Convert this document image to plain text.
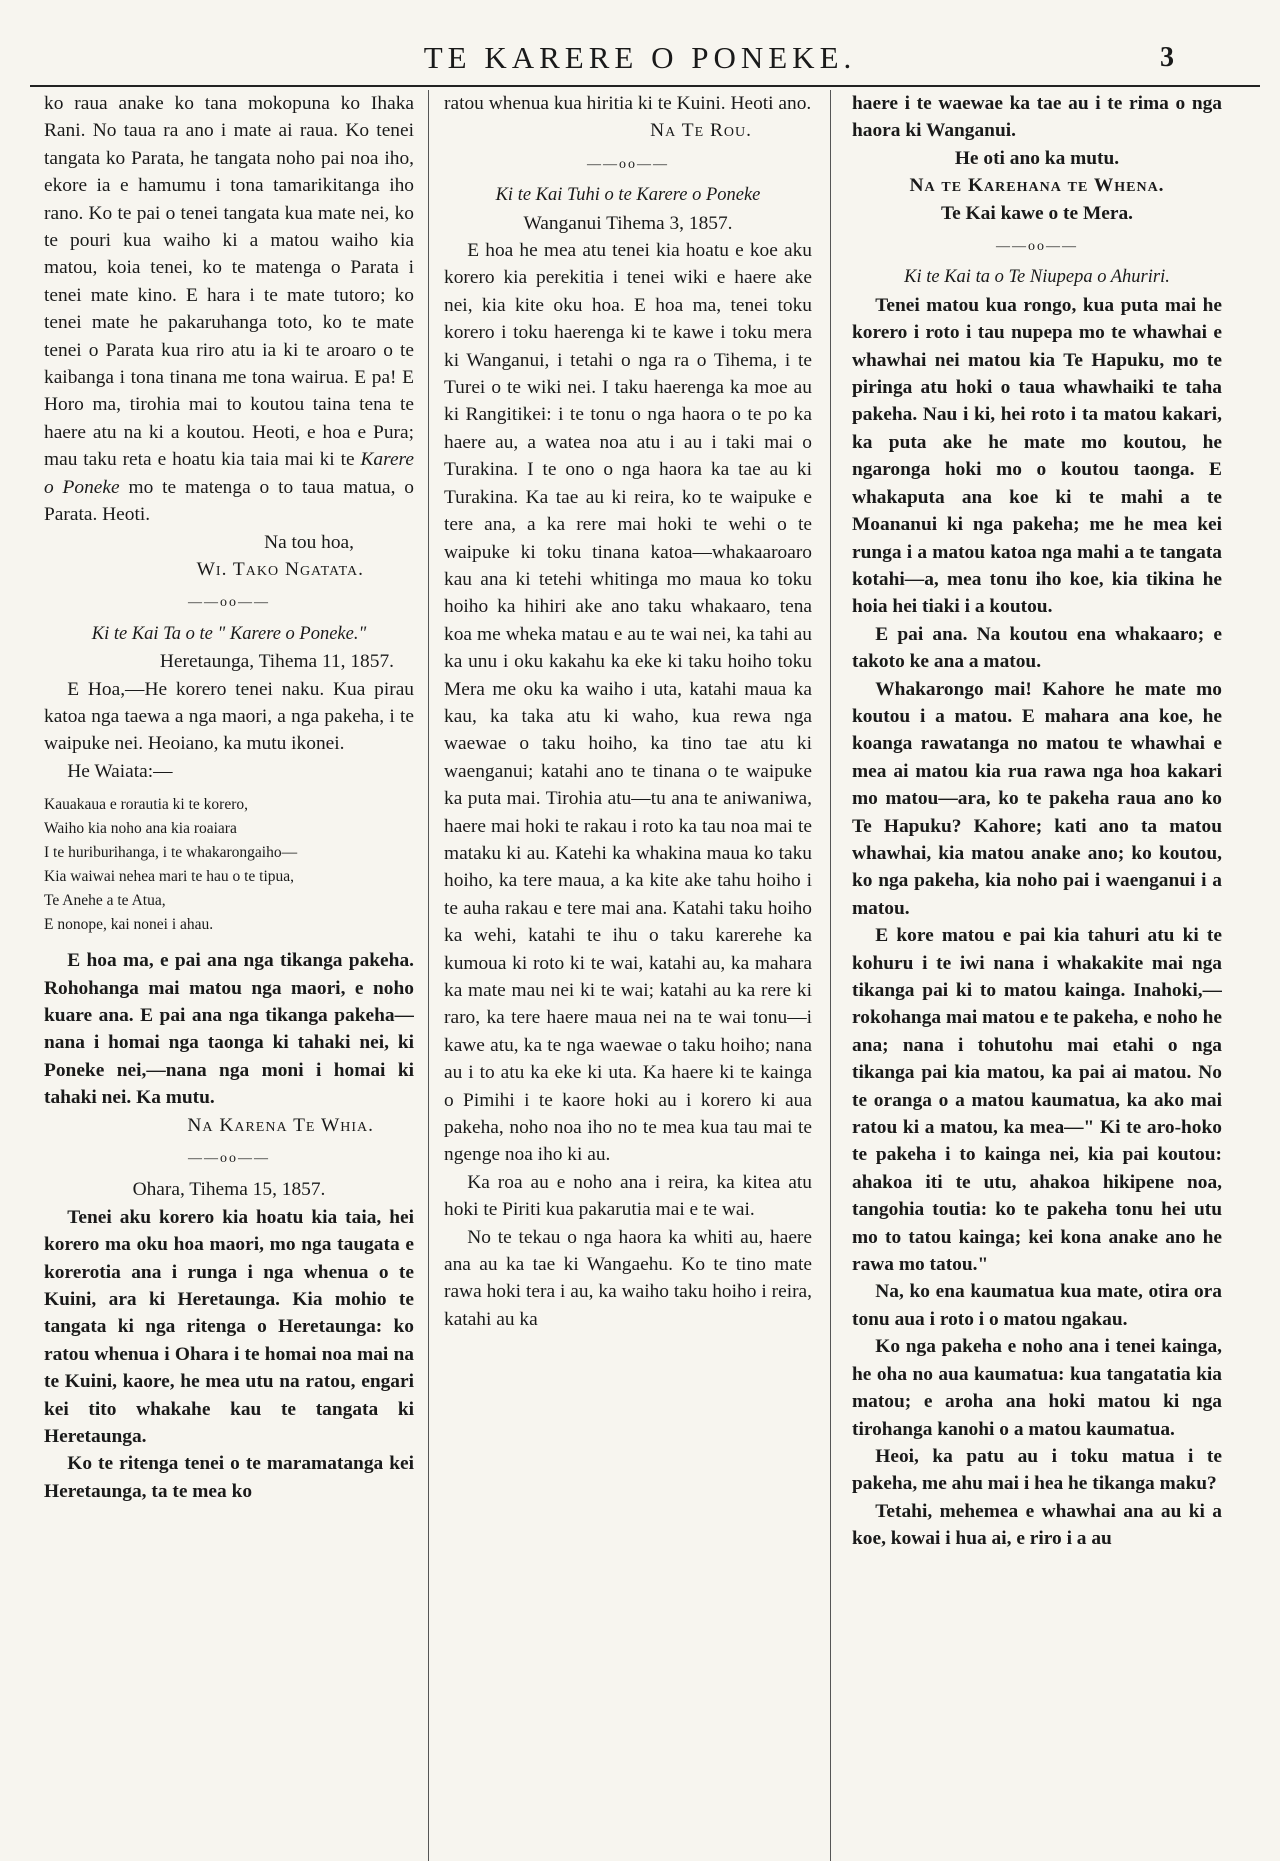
TE KARERE O PONEKE.	3

ko raua anake ko tana mokopuna ko Ihaka Rani. No taua ra ano i mate ai raua. Ko tenei tangata ko Parata, he tangata noho pai noa iho, ekore ia e hamumu i tona tamarikitanga iho rano. Ko te pai o tenei tangata kua mate nei, ko te pouri kua waiho ki a matou waiho kia matou, koia tenei, ko te matenga o Parata i tenei mate kino. E hara i te mate tutoro; ko tenei mate he pakaruhanga toto, ko te mate tenei o Parata kua riro atu ia ki te aroaro o te kaibanga i tona tinana me tona wairua. E pa! E Horo ma, tirohia mai to koutou taina tena te haere atu na ki a koutou. Heoti, e hoa e Pura; mau taku reta e hoatu kia taia mai ki te Karere o Poneke mo te matenga o to taua matua, o Parata. Heoti.

Na tou hoa,

Wi. Tako Ngatata.

——oo——

Ki te Kai Ta o te " Karere o Poneke."

Heretaunga, Tihema 11, 1857.

E Hoa,—He korero tenei naku. Kua pirau katoa nga taewa a nga maori, a nga pakeha, i te waipuke nei. Heoiano, ka mutu ikonei.

He Waiata:—

Kauakaua e rorautia ki te korero,
Waiho kia noho ana kia roaiara
I te huriburihanga, i te whakarongaiho—
Kia waiwai nehea mari te hau o te tipua,
Te Anehe a te Atua,
E nonope, kai nonei i ahau.

E hoa ma, e pai ana nga tikanga pakeha. Rohohanga mai matou nga maori, e noho kuare ana. E pai ana nga tikanga pakeha—nana i homai nga taonga ki tahaki nei, ki Poneke nei,—nana nga moni i homai ki tahaki nei. Ka mutu.

Na Karena Te Whia.

——oo——

Ohara, Tihema 15, 1857.

Tenei aku korero kia hoatu kia taia, hei korero ma oku hoa maori, mo nga taugata e korerotia ana i runga i nga whenua o te Kuini, ara ki Heretaunga. Kia mohio te tangata ki nga ritenga o Heretaunga: ko ratou whenua i Ohara i te homai noa mai na te Kuini, kaore, he mea utu na ratou, engari kei tito whakahe kau te tangata ki Heretaunga.

Ko te ritenga tenei o te maramatanga kei Heretaunga, ta te mea ko

ratou whenua kua hiritia ki te Kuini. Heoti ano.

Na Te Rou.

——oo——

Ki te Kai Tuhi o te Karere o Poneke

Wanganui Tihema 3, 1857.

E hoa he mea atu tenei kia hoatu e koe aku korero kia perekitia i tenei wiki e haere ake nei, kia kite oku hoa. E hoa ma, tenei toku korero i toku haerenga ki te kawe i toku mera ki Wanganui, i tetahi o nga ra o Tihema, i te Turei o te wiki nei. I taku haerenga ka moe au ki Rangitikei: i te tonu o nga haora o te po ka haere au, a watea noa atu i au i taki mai o Turakina. I te ono o nga haora ka tae au ki Turakina. Ka tae au ki reira, ko te waipuke e tere ana, a ka rere mai hoki te wehi o te waipuke ki toku tinana katoa—whakaaroaro kau ana ki tetehi whitinga mo maua ko toku hoiho ka hihiri ake ano taku whakaaro, tena koa me wheka matau e au te wai nei, ka tahi au ka unu i oku kakahu ka eke ki taku hoiho toku Mera me oku ka waiho i uta, katahi maua ka kau, ka taka atu ki waho, kua rewa nga waewae o taku hoiho, ka tino tae atu ki waenganui; katahi ano te tinana o te waipuke ka puta mai. Tirohia atu—tu ana te aniwaniwa, haere mai hoki te rakau i roto ka tau noa mai te mataku ki au. Katehi ka whakina maua ko taku hoiho, ka tere maua, a ka kite ake tahu hoiho i te auha rakau e tere mai ana. Katahi taku hoiho ka wehi, katahi te ihu o taku karerehe ka kumoua ki roto ki te wai, katahi au, ka mahara ka mate mau nei ki te wai; katahi au ka rere ki raro, ka tere haere maua nei na te wai tonu—i kawe atu, ka te nga waewae o taku hoiho; nana au i to atu ka eke ki uta. Ka haere ki te kainga o Pimihi i te kaore hoki au i korero ki aua pakeha, noho noa iho no te mea kua tau mai te ngenge noa iho ki au.

Ka roa au e noho ana i reira, ka kitea atu hoki te Piriti kua pakarutia mai e te wai.

No te tekau o nga haora ka whiti au, haere ana au ka tae ki Wangaehu. Ko te tino mate rawa hoki tera i au, ka waiho taku hoiho i reira, katahi au ka

haere i te waewae ka tae au i te rima o nga haora ki Wanganui.

He oti ano ka mutu.

Na te Karehana te Whena.

Te Kai kawe o te Mera.

——oo——

Ki te Kai ta o Te Niupepa o Ahuriri.

Tenei matou kua rongo, kua puta mai he korero i roto i tau nupepa mo te whawhai e whawhai nei matou kia Te Hapuku, mo te piringa atu hoki o taua whawhaiki te taha pakeha. Nau i ki, hei roto i ta matou kakari, ka puta ake he mate mo koutou, he ngaronga hoki mo o koutou taonga. E whakaputa ana koe ki te mahi a te Moananui ki nga pakeha; me he mea kei runga i a matou katoa nga mahi a te tangata kotahi—a, mea tonu iho koe, kia tikina he hoia hei tiaki i a koutou.

E pai ana. Na koutou ena whakaaro; e takoto ke ana a matou.

Whakarongo mai! Kahore he mate mo koutou i a matou. E mahara ana koe, he koanga rawatanga no matou te whawhai e mea ai matou kia rua rawa nga hoa kakari mo matou—ara, ko te pakeha raua ano ko Te Hapuku? Kahore; kati ano ta matou whawhai, kia matou anake ano; ko koutou, ko nga pakeha, kia noho pai i waenganui i a matou.

E kore matou e pai kia tahuri atu ki te kohuru i te iwi nana i whakakite mai nga tikanga pai ki to matou kainga. Inahoki,—rokohanga mai matou e te pakeha, e noho he ana; nana i tohutohu mai etahi o nga tikanga pai kia matou, ka pai ai matou. No te oranga o a matou kaumatua, ka ako mai ratou ki a matou, ka mea—" Ki te aro-hoko te pakeha i to kainga nei, kia pai koutou: ahakoa iti te utu, ahakoa hikipene noa, tangohia toutia: ko te pakeha tonu hei utu mo to tatou kainga; kei kona anake ano he rawa mo tatou."

Na, ko ena kaumatua kua mate, otira ora tonu aua i roto i o matou ngakau.

Ko nga pakeha e noho ana i tenei kainga, he oha no aua kaumatua: kua tangatatia kia matou; e aroha ana hoki matou ki nga tirohanga kanohi o a matou kaumatua.

Heoi, ka patu au i toku matua i te pakeha, me ahu mai i hea he tikanga maku?

Tetahi, mehemea e whawhai ana au ki a koe, kowai i hua ai, e riro i a au
